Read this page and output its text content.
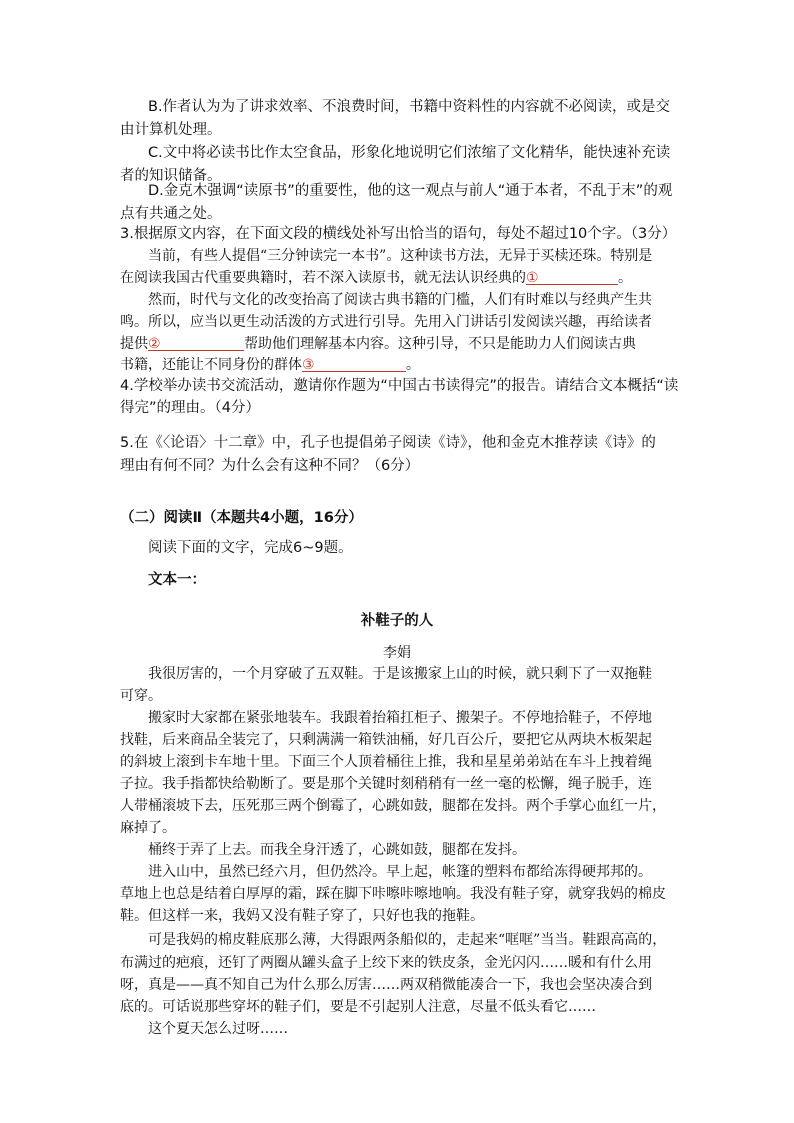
B.作者认为为了讲求效率、不浪费时间，书籍中资料性的内容就不必阅读，或是交
由计算机处理。
C.文中将必读书比作太空食品，形象化地说明它们浓缩了文化精华，能快速补充读
者的知识储备。
D.金克木强调“读原书”的重要性，他的这一观点与前人“通于本者，不乱于末”的观
点有共通之处。
3.根据原文内容，在下面文段的横线处补写出恰当的语句，每处不超过10个字。（3分）
当前，有些人提倡“三分钟读完一本书”。这种读书方法，无异于买椟还珠。特别是
在阅读我国古代重要典籍时，若不深入读原书，就无法认识经典的①	。
然而，时代与文化的改变抬高了阅读古典书籍的门槛，人们有时难以与经典产生共
鸣。所以，应当以更生动活泼的方式进行引导。先用入门讲话引发阅读兴趣，再给读者
提供②	帮助他们理解基本内容。这种引导，不只是能助力人们阅读古典
书籍，还能让不同身份的群体③	。
4.学校举办读书交流活动，邀请你作题为“中国古书读得完”的报告。请结合文本概括“读
得完”的理由。（4分）
5.在《〈论语〉十二章》中，孔子也提倡弟子阅读《诗》，他和金克木推荐读《诗》的
理由有何不同？为什么会有这种不同？（6分）
（二）阅读Ⅱ（本题共4小题，16分）
阅读下面的文字，完成6~9题。
文本一：
补鞋子的人
李娟
我很厉害的，一个月穿破了五双鞋。于是该搬家上山的时候，就只剩下了一双拖鞋
可穿。
搬家时大家都在紧张地装车。我跟着抬箱扛柜子、搬架子。不停地拾鞋子，不停地
找鞋，后来商品全装完了，只剩满满一箱铁油桶，好几百公斤，要把它从两块木板架起
的斜坡上滚到卡车地十里。下面三个人顶着桶往上推，我和星星弟弟站在车斗上拽着绳
子拉。我手指都快给勒断了。要是那个关键时刻稍稍有一丝一毫的松懈，绳子脱手，连
人带桶滚坡下去，压死那三两个倒霉了，心跳如鼓，腿都在发抖。两个手掌心血红一片，
麻掉了。
桶终于弄了上去。而我全身汗透了，心跳如鼓，腿都在发抖。
进入山中，虽然已经六月，但仍然冷。早上起，帐篷的塑料布都给冻得硬邦邦的。
草地上也总是结着白厚厚的霜，踩在脚下咔嚓咔嚓地响。我没有鞋子穿，就穿我妈的棉皮
鞋。但这样一来，我妈又没有鞋子穿了，只好也我的拖鞋。
可是我妈的棉皮鞋底那么薄，大得跟两条船似的，走起来“哐哐”当当。鞋跟高高的，
布满过的疤痕，还钉了两圈从罐头盒子上绞下来的铁皮条，金光闪闪……暖和有什么用
呀，真是——真不知自己为什么那么厉害……两双稍微能凑合一下，我也会坚决凑合到
底的。可话说那些穿坏的鞋子们，要是不引起别人注意，尽量不低头看它……
这个夏天怎么过呀……
